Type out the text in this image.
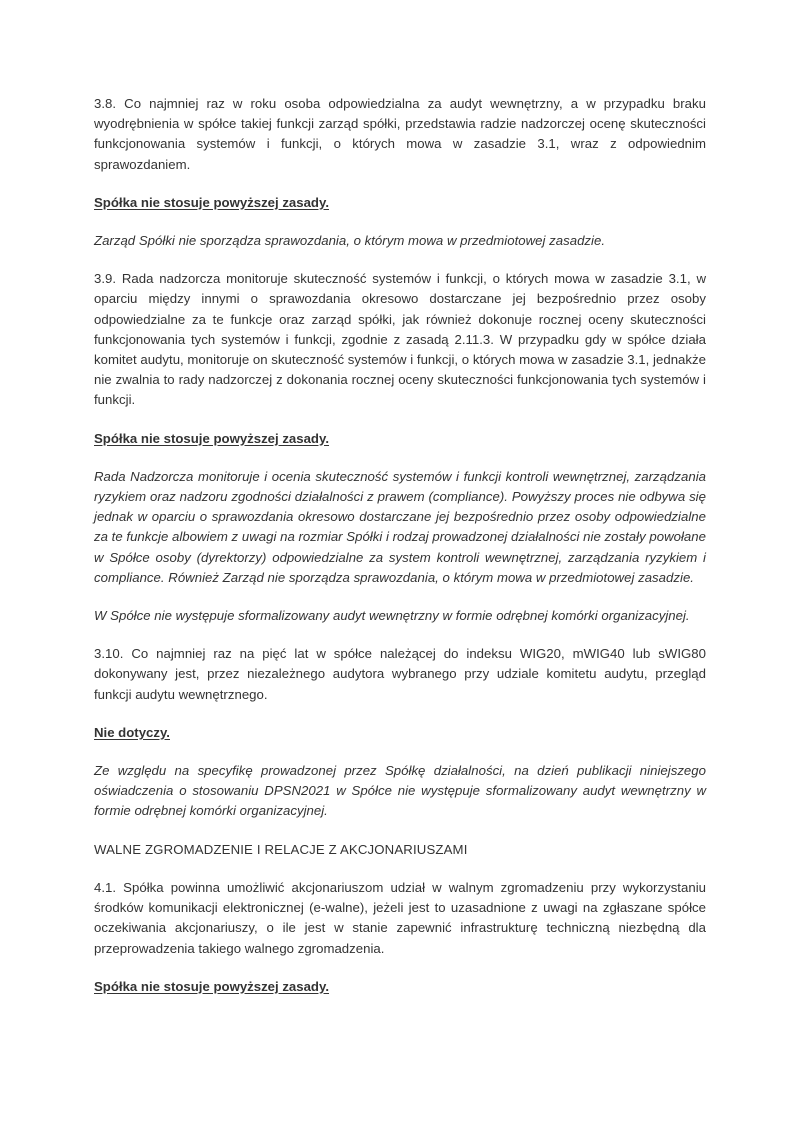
3.8. Co najmniej raz w roku osoba odpowiedzialna za audyt wewnętrzny, a w przypadku braku wyodrębnienia w spółce takiej funkcji zarząd spółki, przedstawia radzie nadzorczej ocenę skuteczności funkcjonowania systemów i funkcji, o których mowa w zasadzie 3.1, wraz z odpowiednim sprawozdaniem.

Spółka nie stosuje powyższej zasady.

Zarząd Spółki nie sporządza sprawozdania, o którym mowa w przedmiotowej zasadzie.

3.9. Rada nadzorcza monitoruje skuteczność systemów i funkcji, o których mowa w zasadzie 3.1, w oparciu między innymi o sprawozdania okresowo dostarczane jej bezpośrednio przez osoby odpowiedzialne za te funkcje oraz zarząd spółki, jak również dokonuje rocznej oceny skuteczności funkcjonowania tych systemów i funkcji, zgodnie z zasadą 2.11.3. W przypadku gdy w spółce działa komitet audytu, monitoruje on skuteczność systemów i funkcji, o których mowa w zasadzie 3.1, jednakże nie zwalnia to rady nadzorczej z dokonania rocznej oceny skuteczności funkcjonowania tych systemów i funkcji.

Spółka nie stosuje powyższej zasady.

Rada Nadzorcza monitoruje i ocenia skuteczność systemów i funkcji kontroli wewnętrznej, zarządzania ryzykiem oraz nadzoru zgodności działalności z prawem (compliance). Powyższy proces nie odbywa się jednak w oparciu o sprawozdania okresowo dostarczane jej bezpośrednio przez osoby odpowiedzialne za te funkcje albowiem z uwagi na rozmiar Spółki i rodzaj prowadzonej działalności nie zostały powołane w Spółce osoby (dyrektorzy) odpowiedzialne za system kontroli wewnętrznej, zarządzania ryzykiem i compliance. Również Zarząd nie sporządza sprawozdania, o którym mowa w przedmiotowej zasadzie.

W Spółce nie występuje sformalizowany audyt wewnętrzny w formie odrębnej komórki organizacyjnej.

3.10. Co najmniej raz na pięć lat w spółce należącej do indeksu WIG20, mWIG40 lub sWIG80 dokonywany jest, przez niezależnego audytora wybranego przy udziale komitetu audytu, przegląd funkcji audytu wewnętrznego.

Nie dotyczy.

Ze względu na specyfikę prowadzonej przez Spółkę działalności, na dzień publikacji niniejszego oświadczenia o stosowaniu DPSN2021 w Spółce nie występuje sformalizowany audyt wewnętrzny w formie odrębnej komórki organizacyjnej.

WALNE ZGROMADZENIE I RELACJE Z AKCJONARIUSZAMI

4.1. Spółka powinna umożliwić akcjonariuszom udział w walnym zgromadzeniu przy wykorzystaniu środków komunikacji elektronicznej (e-walne), jeżeli jest to uzasadnione z uwagi na zgłaszane spółce oczekiwania akcjonariuszy, o ile jest w stanie zapewnić infrastrukturę techniczną niezbędną dla przeprowadzenia takiego walnego zgromadzenia.

Spółka nie stosuje powyższej zasady.
